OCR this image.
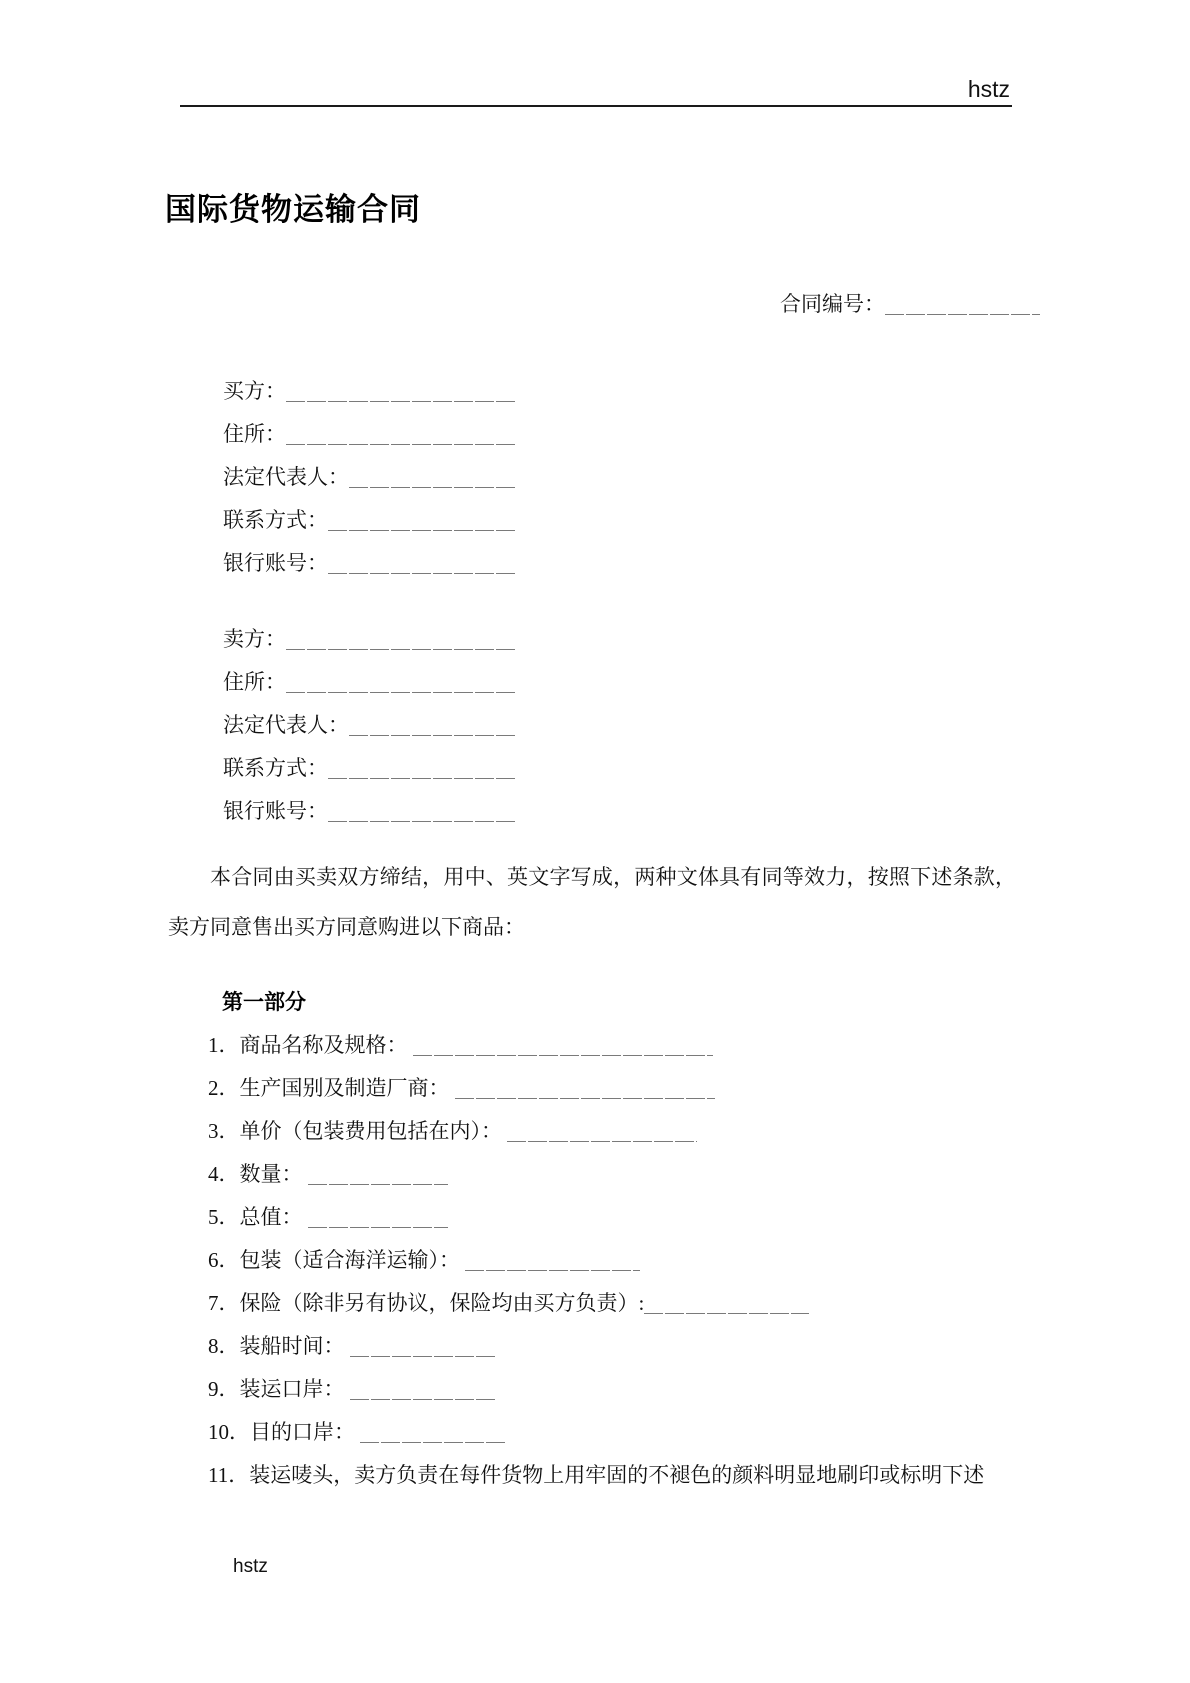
hstz
国际货物运输合同
合同编号：
买方：
住所：
法定代表人：
联系方式：
银行账号：
卖方：
住所：
法定代表人：
联系方式：
银行账号：

本合同由买卖双方缔结，用中、英文字写成，两种文体具有同等效力，按照下述条款，卖方同意售出买方同意购进以下商品：

第一部分
1．商品名称及规格：
2．生产国别及制造厂商：
3．单价（包装费用包括在内）：
4．数量：
5．总值：
6．包装（适合海洋运输）：
7．保险（除非另有协议，保险均由买方负责）:
8．装船时间：
9．装运口岸：
10．目的口岸：
11．装运唛头，卖方负责在每件货物上用牢固的不褪色的颜料明显地刷印或标明下述
hstz
